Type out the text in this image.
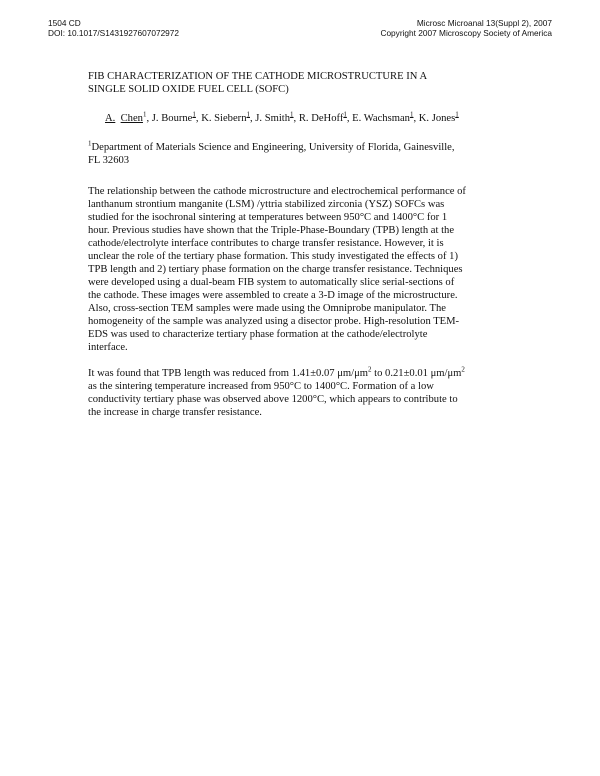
1504 CD
DOI: 10.1017/S1431927607072972
Microsc Microanal 13(Suppl 2), 2007
Copyright 2007 Microscopy Society of America
FIB CHARACTERIZATION OF THE CATHODE MICROSTRUCTURE IN A
SINGLE SOLID OXIDE FUEL CELL (SOFC)
A. Chen$^1$, J. Bourne$^1$, K. Siebern$^1$, J. Smith$^1$, R. DeHoff$^1$, E. Wachsman$^1$, K. Jones$^1$
$^1$Department of Materials Science and Engineering, University of Florida, Gainesville,
FL 32603
The relationship between the cathode microstructure and electrochemical performance of
lanthanum strontium manganite (LSM) /yttria stabilized zirconia (YSZ) SOFCs was
studied for the isochronal sintering at temperatures between 950°C and 1400°C for 1
hour. Previous studies have shown that the Triple-Phase-Boundary (TPB) length at the
cathode/electrolyte interface contributes to charge transfer resistance. However, it is
unclear the role of the tertiary phase formation. This study investigated the effects of 1)
TPB length and 2) tertiary phase formation on the charge transfer resistance. Techniques
were developed using a dual-beam FIB system to automatically slice serial-sections of
the cathode. These images were assembled to create a 3-D image of the microstructure.
Also, cross-section TEM samples were made using the Omniprobe manipulator. The
homogeneity of the sample was analyzed using a disector probe. High-resolution TEM-
EDS was used to characterize tertiary phase formation at the cathode/electrolyte
interface.
It was found that TPB length was reduced from 1.41±0.07 $\mu m/\mu m^2$ to 0.21±0.01 $\mu m/\mu m^2$
as the sintering temperature increased from 950°C to 1400°C. Formation of a low
conductivity tertiary phase was observed above 1200°C, which appears to contribute to
the increase in charge transfer resistance.
